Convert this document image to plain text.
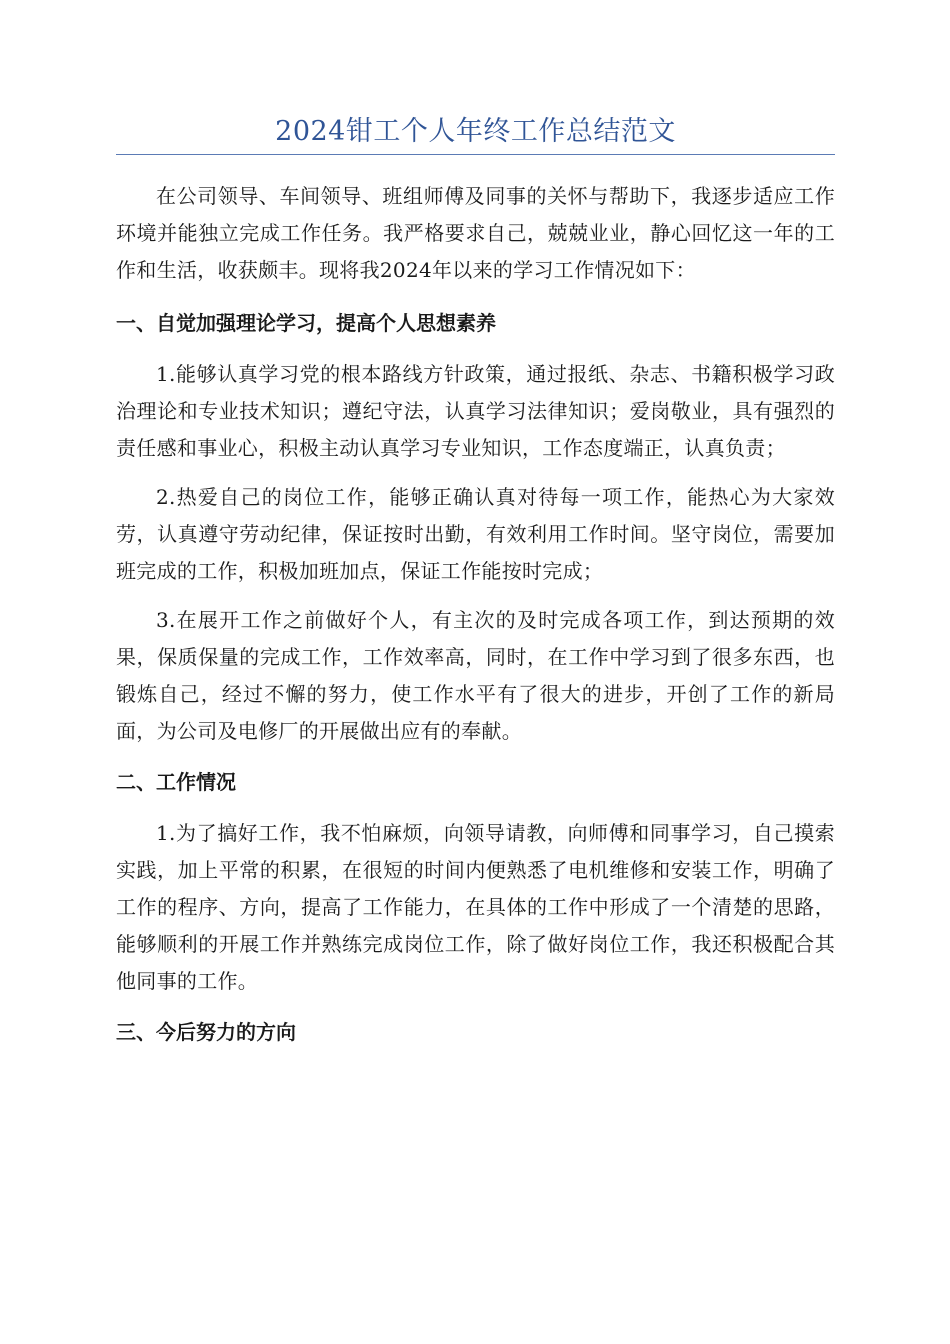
2024钳工个人年终工作总结范文

在公司领导、车间领导、班组师傅及同事的关怀与帮助下，我逐步适应工作环境并能独立完成工作任务。我严格要求自己，兢兢业业，静心回忆这一年的工作和生活，收获颇丰。现将我2024年以来的学习工作情况如下：

一、自觉加强理论学习，提高个人思想素养

1.能够认真学习党的根本路线方针政策，通过报纸、杂志、书籍积极学习政治理论和专业技术知识；遵纪守法，认真学习法律知识；爱岗敬业，具有强烈的责任感和事业心，积极主动认真学习专业知识，工作态度端正，认真负责；

2.热爱自己的岗位工作，能够正确认真对待每一项工作，能热心为大家效劳，认真遵守劳动纪律，保证按时出勤，有效利用工作时间。坚守岗位，需要加班完成的工作，积极加班加点，保证工作能按时完成；

3.在展开工作之前做好个人，有主次的及时完成各项工作，到达预期的效果，保质保量的完成工作，工作效率高，同时，在工作中学习到了很多东西，也锻炼自己，经过不懈的努力，使工作水平有了很大的进步，开创了工作的新局面，为公司及电修厂的开展做出应有的奉献。

二、工作情况

1.为了搞好工作，我不怕麻烦，向领导请教，向师傅和同事学习，自己摸索实践，加上平常的积累，在很短的时间内便熟悉了电机维修和安装工作，明确了工作的程序、方向，提高了工作能力，在具体的工作中形成了一个清楚的思路，能够顺利的开展工作并熟练完成岗位工作，除了做好岗位工作，我还积极配合其他同事的工作。

三、今后努力的方向
